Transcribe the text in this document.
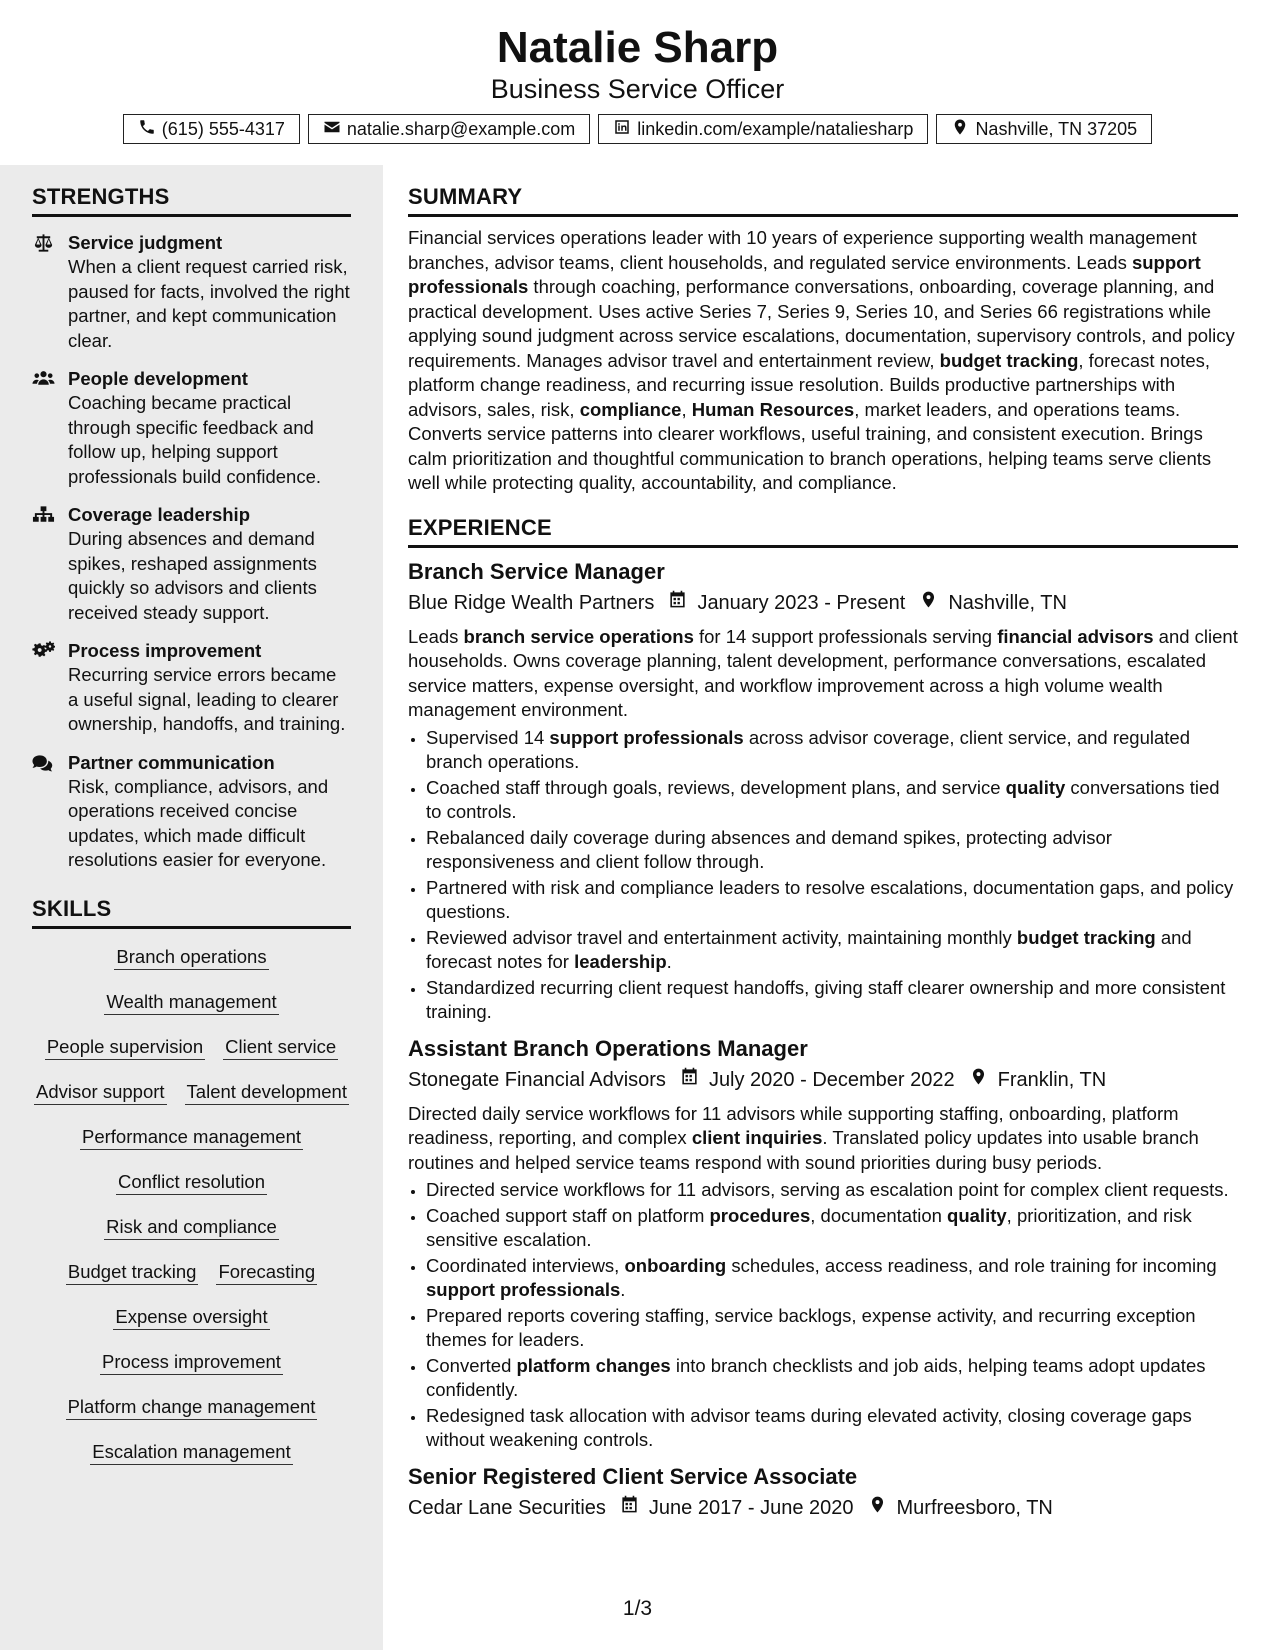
Natalie Sharp
Business Service Officer
(615) 555-4317	natalie.sharp@example.com	linkedin.com/example/nataliesharp	Nashville, TN 37205
STRENGTHS
Service judgment
When a client request carried risk, paused for facts, involved the right partner, and kept communication clear.
People development
Coaching became practical through specific feedback and follow up, helping support professionals build confidence.
Coverage leadership
During absences and demand spikes, reshaped assignments quickly so advisors and clients received steady support.
Process improvement
Recurring service errors became a useful signal, leading to clearer ownership, handoffs, and training.
Partner communication
Risk, compliance, advisors, and operations received concise updates, which made difficult resolutions easier for everyone.
SKILLS
Branch operations
Wealth management
People supervision Client service
Advisor support Talent development
Performance management
Conflict resolution
Risk and compliance
Budget tracking Forecasting
Expense oversight
Process improvement
Platform change management
Escalation management
SUMMARY
Financial services operations leader with 10 years of experience supporting wealth management branches, advisor teams, client households, and regulated service environments. Leads support professionals through coaching, performance conversations, onboarding, coverage planning, and practical development. Uses active Series 7, Series 9, Series 10, and Series 66 registrations while applying sound judgment across service escalations, documentation, supervisory controls, and policy requirements. Manages advisor travel and entertainment review, budget tracking, forecast notes, platform change readiness, and recurring issue resolution. Builds productive partnerships with advisors, sales, risk, compliance, Human Resources, market leaders, and operations teams. Converts service patterns into clearer workflows, useful training, and consistent execution. Brings calm prioritization and thoughtful communication to branch operations, helping teams serve clients well while protecting quality, accountability, and compliance.
EXPERIENCE
Branch Service Manager
Blue Ridge Wealth Partners January 2023 - Present Nashville, TN
Leads branch service operations for 14 support professionals serving financial advisors and client households. Owns coverage planning, talent development, performance conversations, escalated service matters, expense oversight, and workflow improvement across a high volume wealth management environment.
• Supervised 14 support professionals across advisor coverage, client service, and regulated branch operations.
• Coached staff through goals, reviews, development plans, and service quality conversations tied to controls.
• Rebalanced daily coverage during absences and demand spikes, protecting advisor responsiveness and client follow through.
• Partnered with risk and compliance leaders to resolve escalations, documentation gaps, and policy questions.
• Reviewed advisor travel and entertainment activity, maintaining monthly budget tracking and forecast notes for leadership.
• Standardized recurring client request handoffs, giving staff clearer ownership and more consistent training.
Assistant Branch Operations Manager
Stonegate Financial Advisors July 2020 - December 2022 Franklin, TN
Directed daily service workflows for 11 advisors while supporting staffing, onboarding, platform readiness, reporting, and complex client inquiries. Translated policy updates into usable branch routines and helped service teams respond with sound priorities during busy periods.
• Directed service workflows for 11 advisors, serving as escalation point for complex client requests.
• Coached support staff on platform procedures, documentation quality, prioritization, and risk sensitive escalation.
• Coordinated interviews, onboarding schedules, access readiness, and role training for incoming support professionals.
• Prepared reports covering staffing, service backlogs, expense activity, and recurring exception themes for leaders.
• Converted platform changes into branch checklists and job aids, helping teams adopt updates confidently.
• Redesigned task allocation with advisor teams during elevated activity, closing coverage gaps without weakening controls.
Senior Registered Client Service Associate
Cedar Lane Securities June 2017 - June 2020 Murfreesboro, TN
1/3
